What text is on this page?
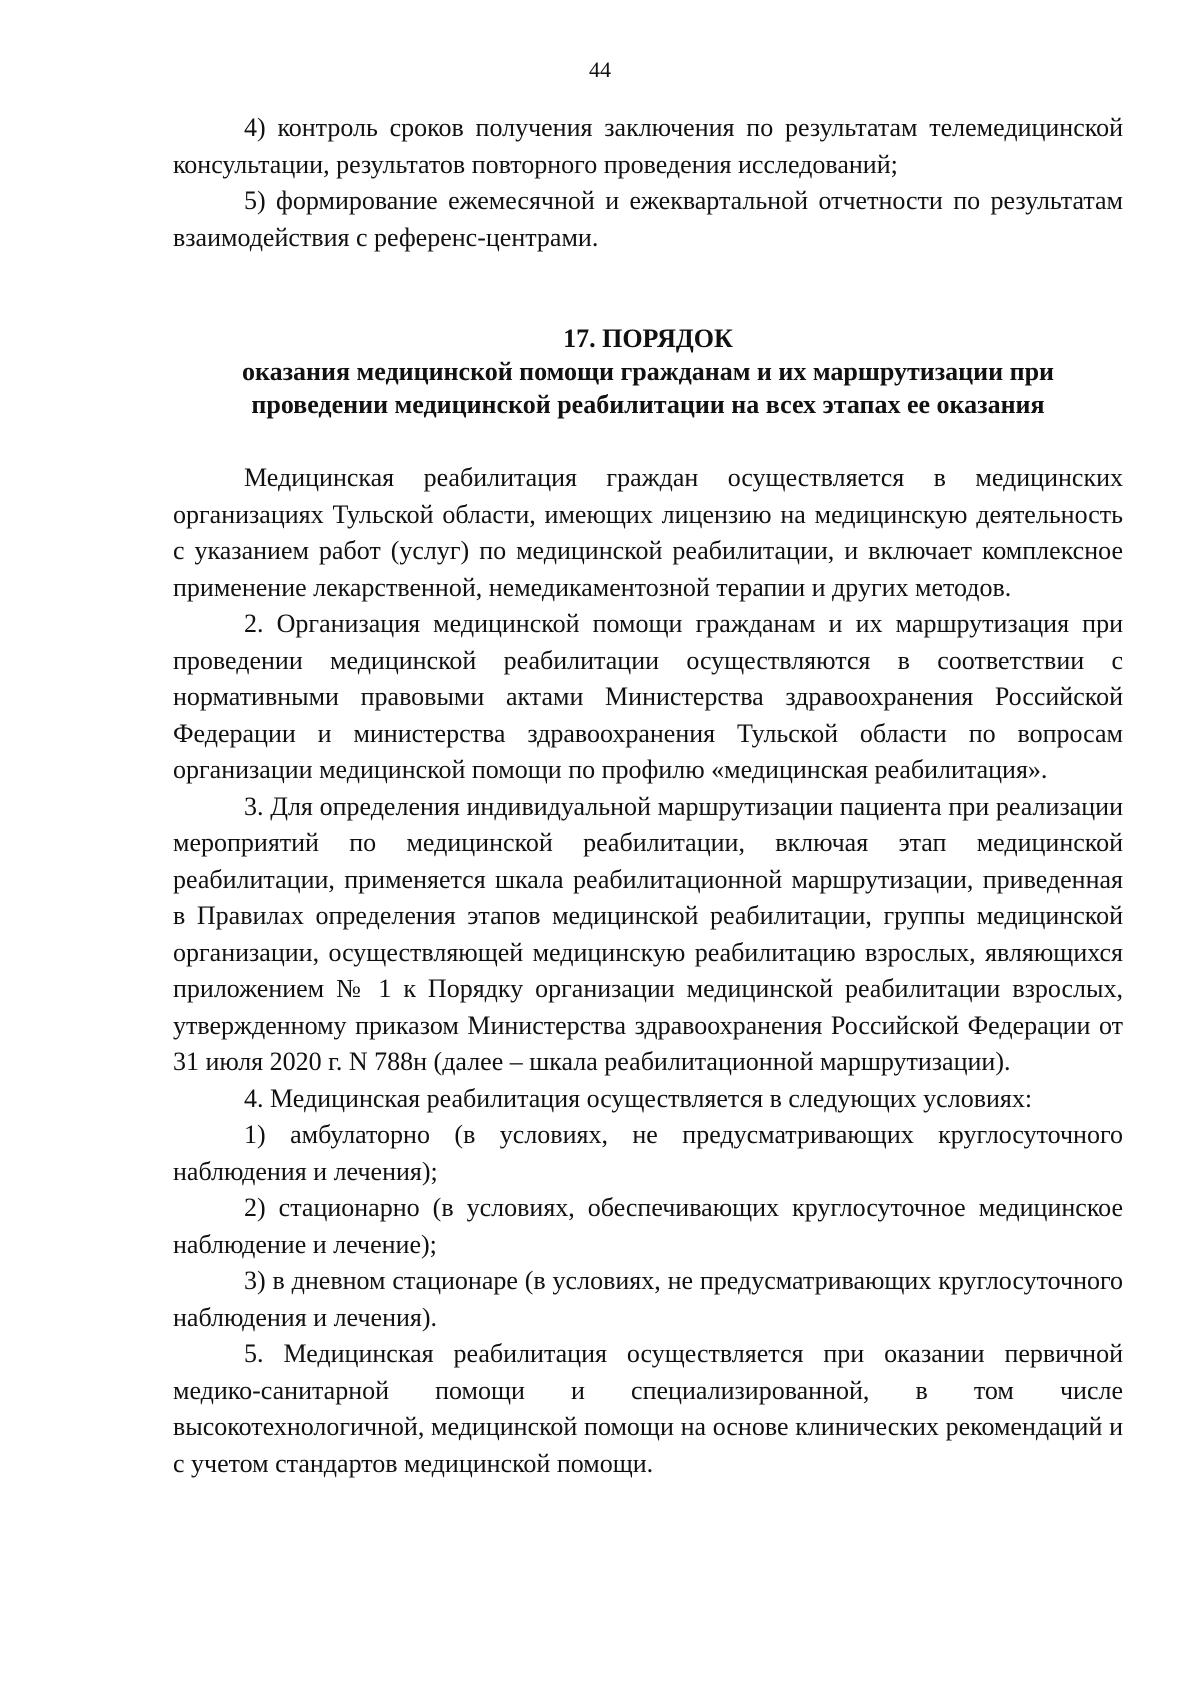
44

4) контроль сроков получения заключения по результатам телемедицинской консультации, результатов повторного проведения исследований;

5) формирование ежемесячной и ежеквартальной отчетности по результатам взаимодействия с референс-центрами.

17. ПОРЯДОК

оказания медицинской помощи гражданам и их маршрутизации при

проведении медицинской реабилитации на всех этапах ее оказания

Медицинская реабилитация граждан осуществляется в медицинских организациях Тульской области, имеющих лицензию на медицинскую деятельность с указанием работ (услуг) по медицинской реабилитации, и включает комплексное применение лекарственной, немедикаментозной терапии и других методов.

2. Организация медицинской помощи гражданам и их маршрутизация при проведении медицинской реабилитации осуществляются в соответствии с нормативными правовыми актами Министерства здравоохранения Российской Федерации и министерства здравоохранения Тульской области по вопросам организации медицинской помощи по профилю «медицинская реабилитация».

3. Для определения индивидуальной маршрутизации пациента при реализации мероприятий по медицинской реабилитации, включая этап медицинской реабилитации, применяется шкала реабилитационной маршрутизации, приведенная в Правилах определения этапов медицинской реабилитации, группы медицинской организации, осуществляющей медицинскую реабилитацию взрослых, являющихся приложением № 1 к Порядку организации медицинской реабилитации взрослых, утвержденному приказом Министерства здравоохранения Российской Федерации от 31 июля 2020 г. N 788н (далее – шкала реабилитационной маршрутизации).

4. Медицинская реабилитация осуществляется в следующих условиях:

1) амбулаторно (в условиях, не предусматривающих круглосуточного наблюдения и лечения);

2) стационарно (в условиях, обеспечивающих круглосуточное медицинское наблюдение и лечение);

3) в дневном стационаре (в условиях, не предусматривающих круглосуточного наблюдения и лечения).

5. Медицинская реабилитация осуществляется при оказании первичной медико-санитарной помощи и специализированной, в том числе высокотехнологичной, медицинской помощи на основе клинических рекомендаций и с учетом стандартов медицинской помощи.
